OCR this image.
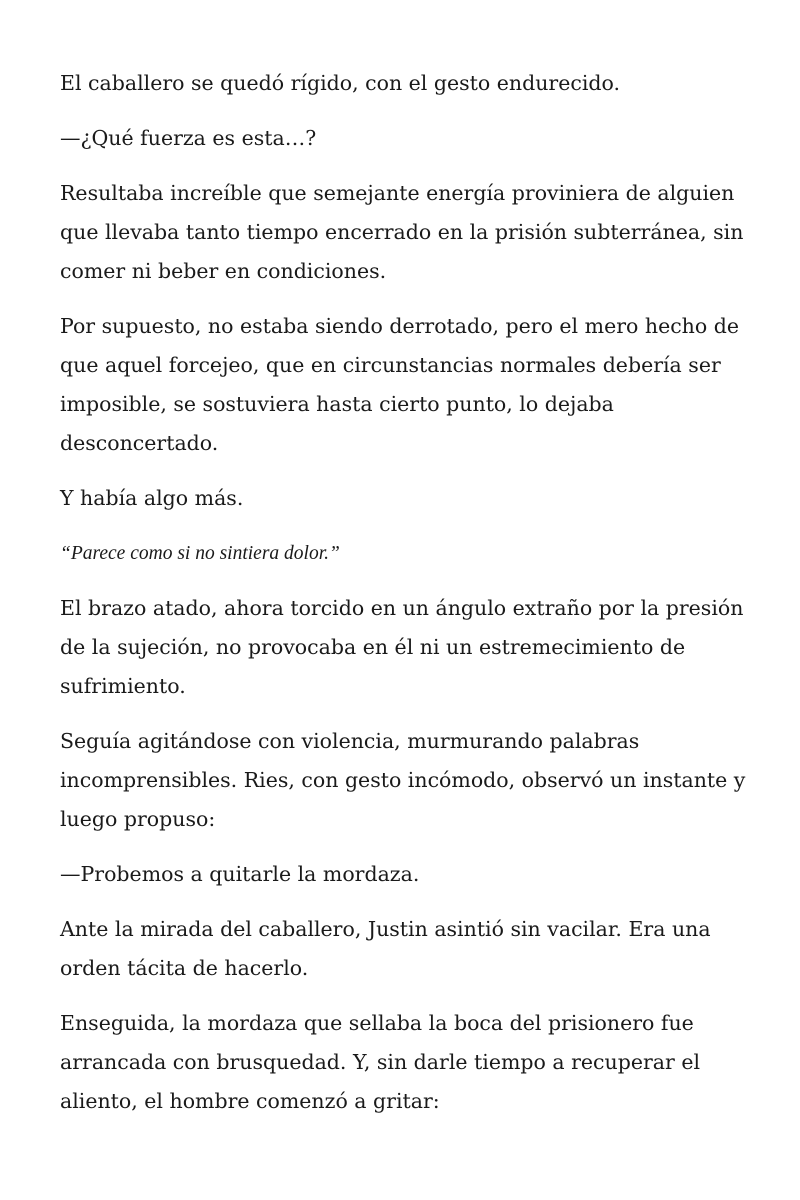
El caballero se quedó rígido, con el gesto endurecido.

—¿Qué fuerza es esta…?

Resultaba increíble que semejante energía proviniera de alguien que llevaba tanto tiempo encerrado en la prisión subterránea, sin comer ni beber en condiciones.

Por supuesto, no estaba siendo derrotado, pero el mero hecho de que aquel forcejeo, que en circunstancias normales debería ser imposible, se sostuviera hasta cierto punto, lo dejaba desconcertado.

Y había algo más.

“Parece como si no sintiera dolor.”

El brazo atado, ahora torcido en un ángulo extraño por la presión de la sujeción, no provocaba en él ni un estremecimiento de sufrimiento.

Seguía agitándose con violencia, murmurando palabras incomprensibles. Ries, con gesto incómodo, observó un instante y luego propuso:

—Probemos a quitarle la mordaza.

Ante la mirada del caballero, Justin asintió sin vacilar. Era una orden tácita de hacerlo.

Enseguida, la mordaza que sellaba la boca del prisionero fue arrancada con brusquedad. Y, sin darle tiempo a recuperar el aliento, el hombre comenzó a gritar:
